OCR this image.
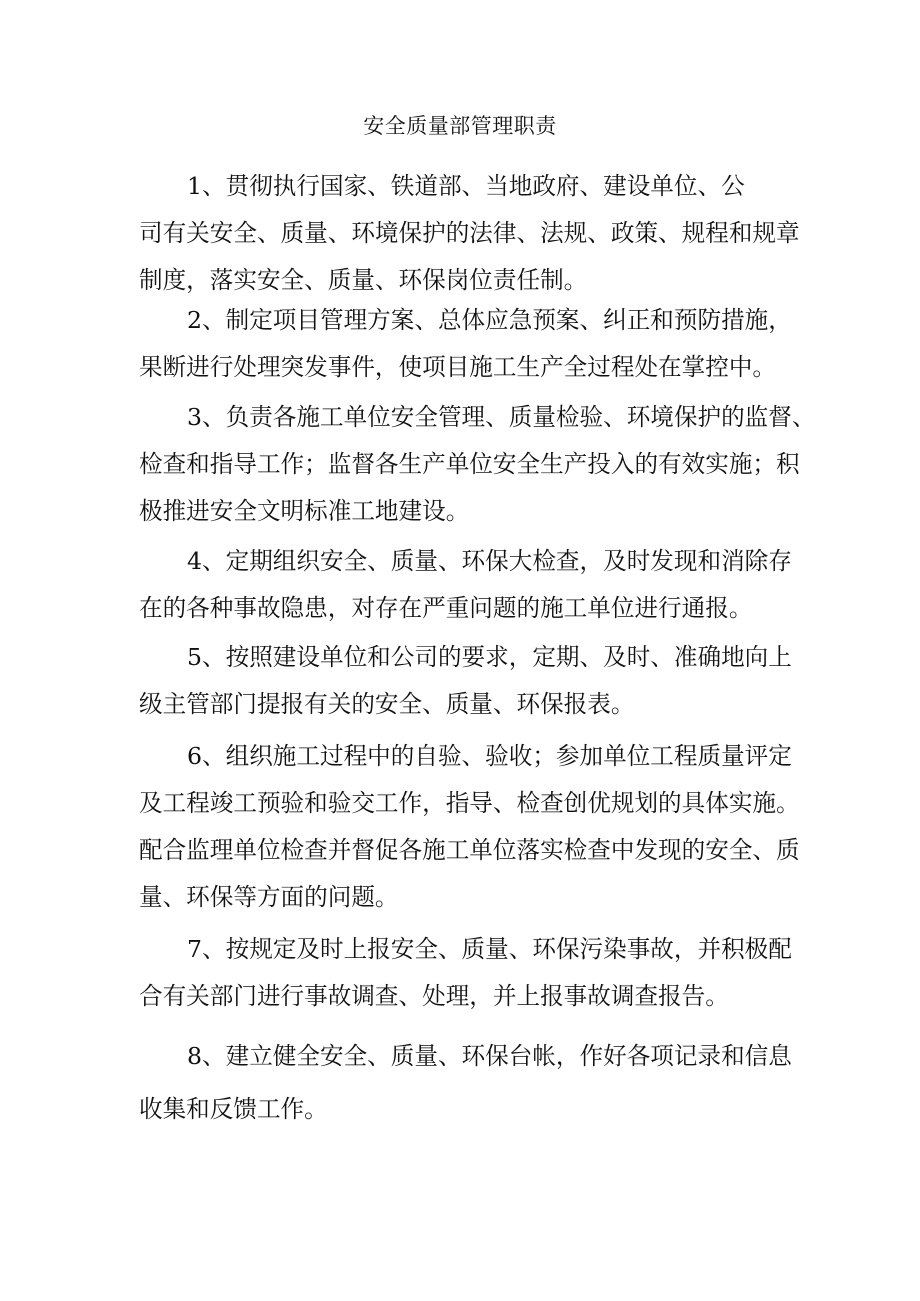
安全质量部管理职责

1、贯彻执行国家、铁道部、当地政府、建设单位、公
司有关安全、质量、环境保护的法律、法规、政策、规程和规章
制度，落实安全、质量、环保岗位责任制。

2、制定项目管理方案、总体应急预案、纠正和预防措施，
果断进行处理突发事件，使项目施工生产全过程处在掌控中。

3、负责各施工单位安全管理、质量检验、环境保护的监督、
检查和指导工作；监督各生产单位安全生产投入的有效实施；积
极推进安全文明标准工地建设。

4、定期组织安全、质量、环保大检查，及时发现和消除存
在的各种事故隐患，对存在严重问题的施工单位进行通报。

5、按照建设单位和公司的要求，定期、及时、准确地向上
级主管部门提报有关的安全、质量、环保报表。

6、组织施工过程中的自验、验收；参加单位工程质量评定
及工程竣工预验和验交工作，指导、检查创优规划的具体实施。
配合监理单位检查并督促各施工单位落实检查中发现的安全、质
量、环保等方面的问题。

7、按规定及时上报安全、质量、环保污染事故，并积极配
合有关部门进行事故调查、处理，并上报事故调查报告。

8、建立健全安全、质量、环保台帐，作好各项记录和信息
收集和反馈工作。
